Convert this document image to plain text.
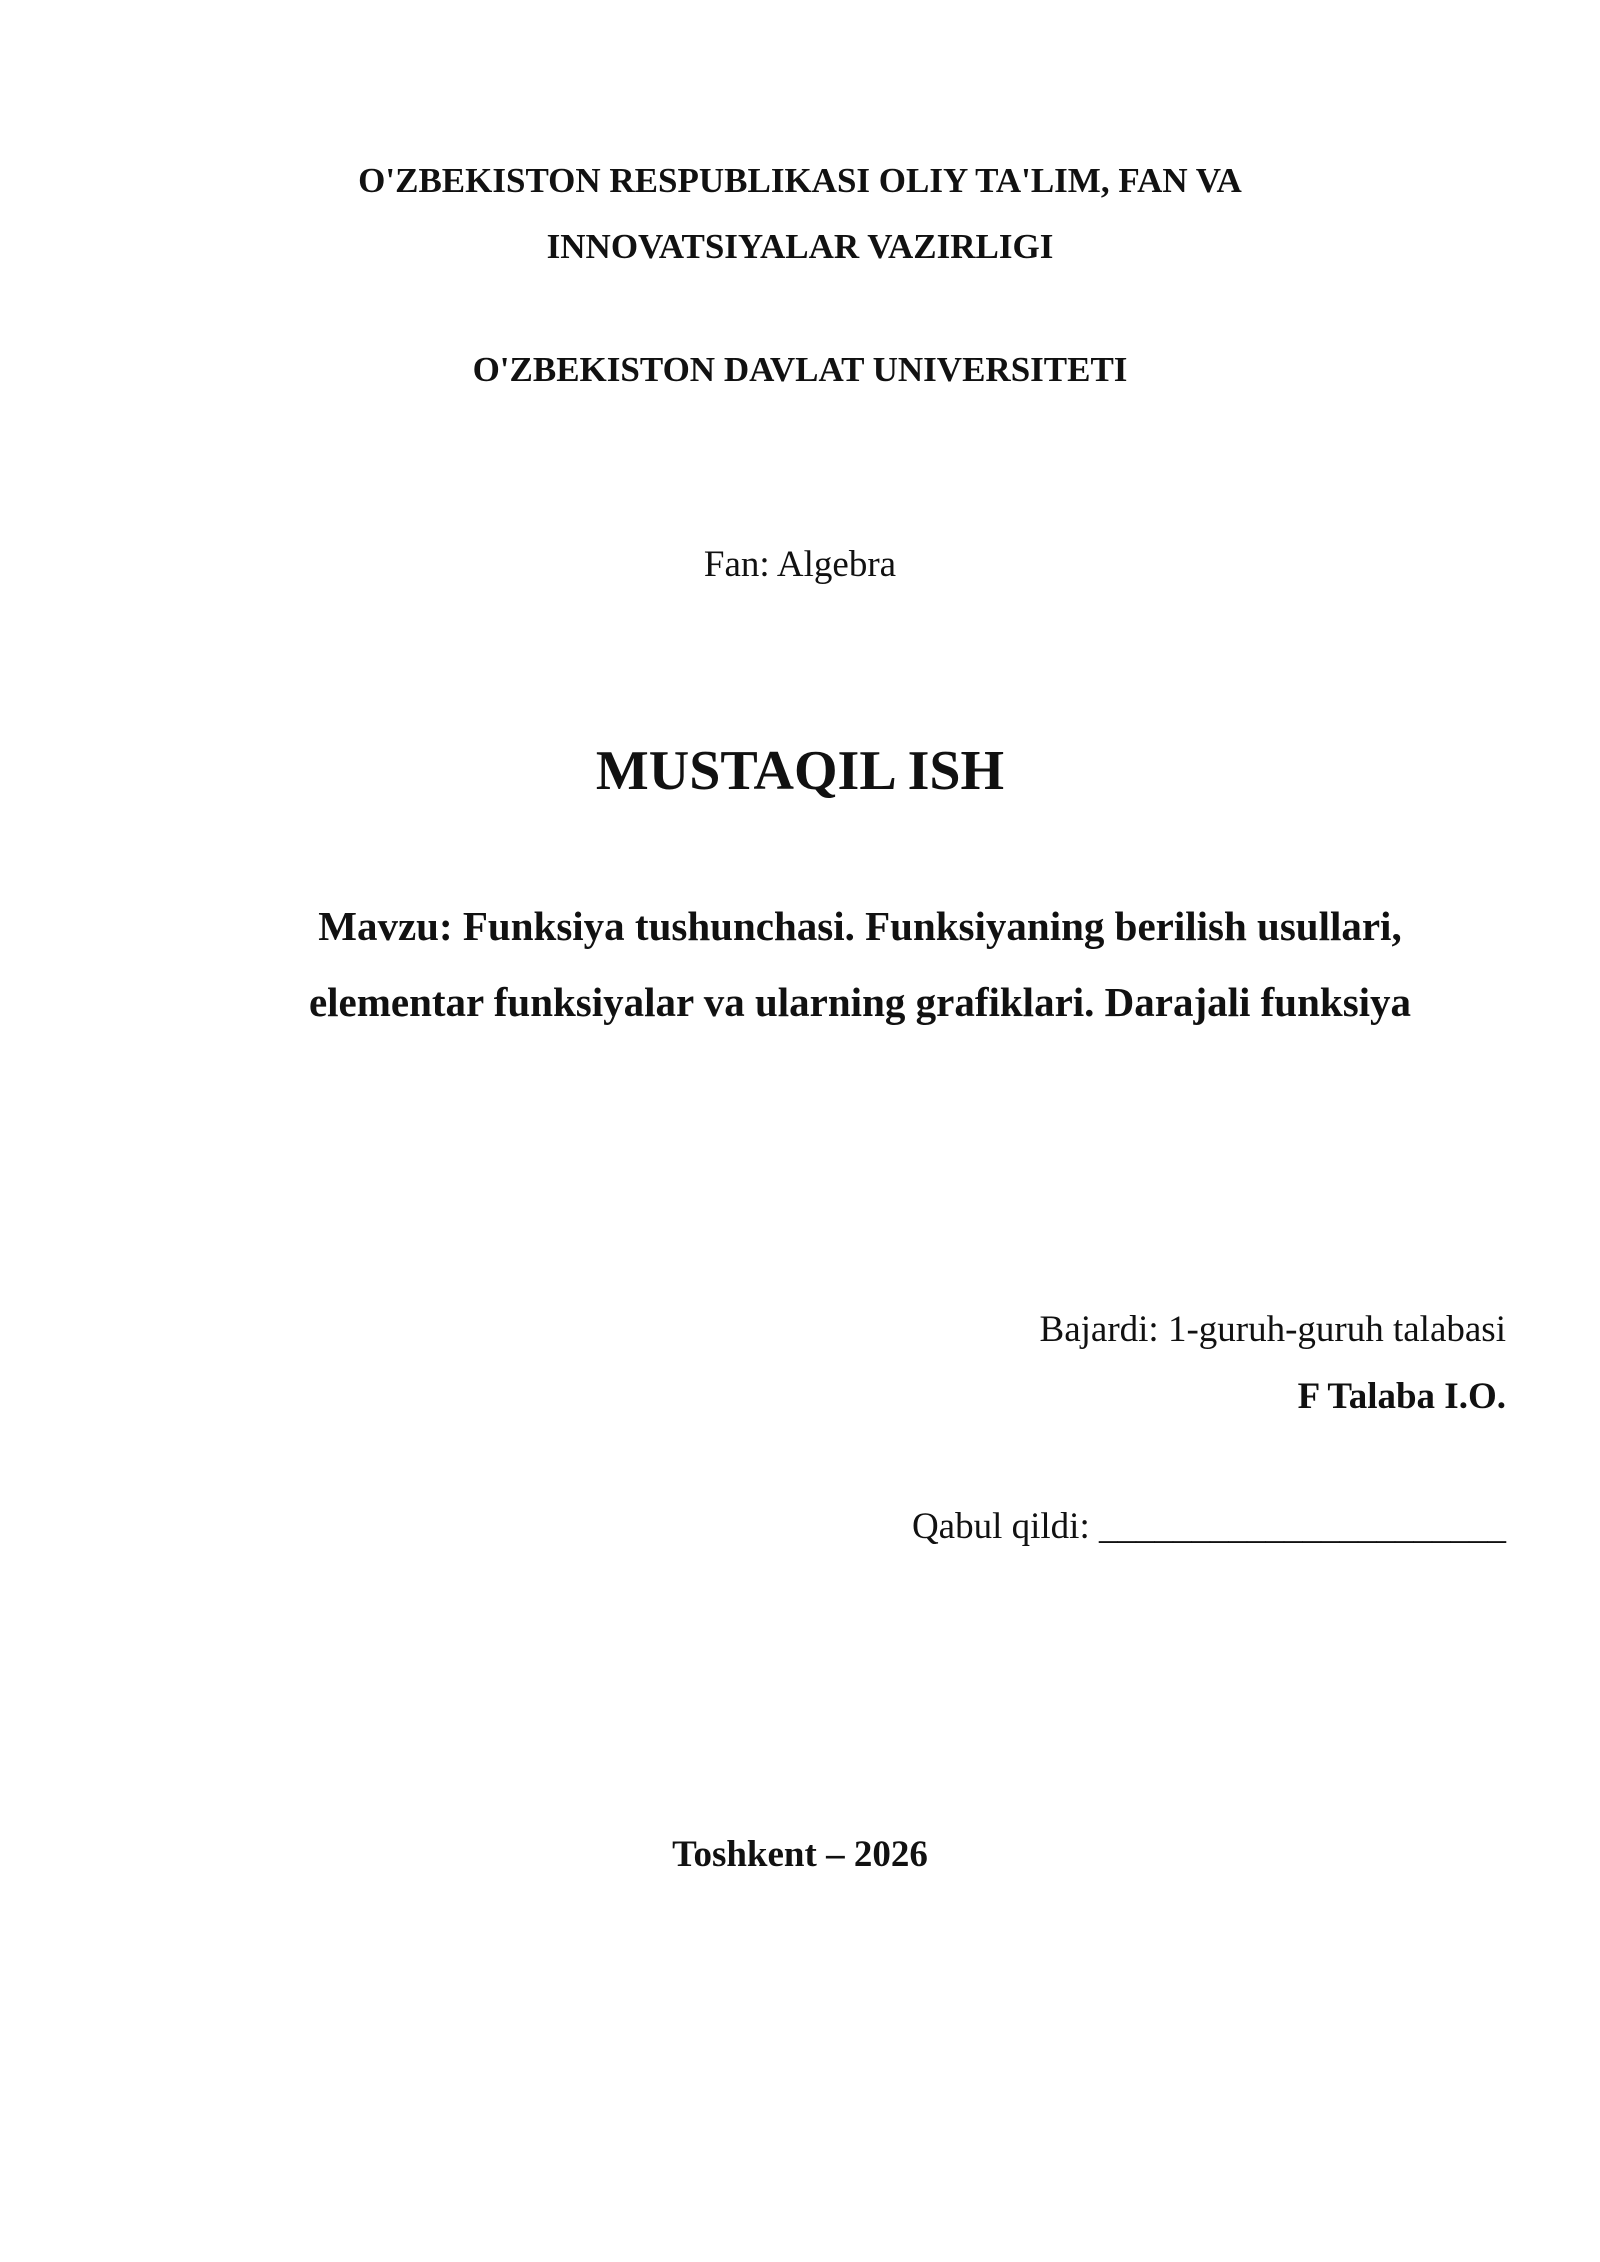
O'ZBEKISTON RESPUBLIKASI OLIY TA'LIM, FAN VA
INNOVATSIYALAR VAZIRLIGI
O'ZBEKISTON DAVLAT UNIVERSITETI
Fan: Algebra
MUSTAQIL ISH
Mavzu: Funksiya tushunchasi. Funksiyaning berilish usullari,
elementar funksiyalar va ularning grafiklari. Darajali funksiya
Bajardi: 1-guruh-guruh talabasi
F Talaba I.O.
Qabul qildi: ______________________
Toshkent – 2026
